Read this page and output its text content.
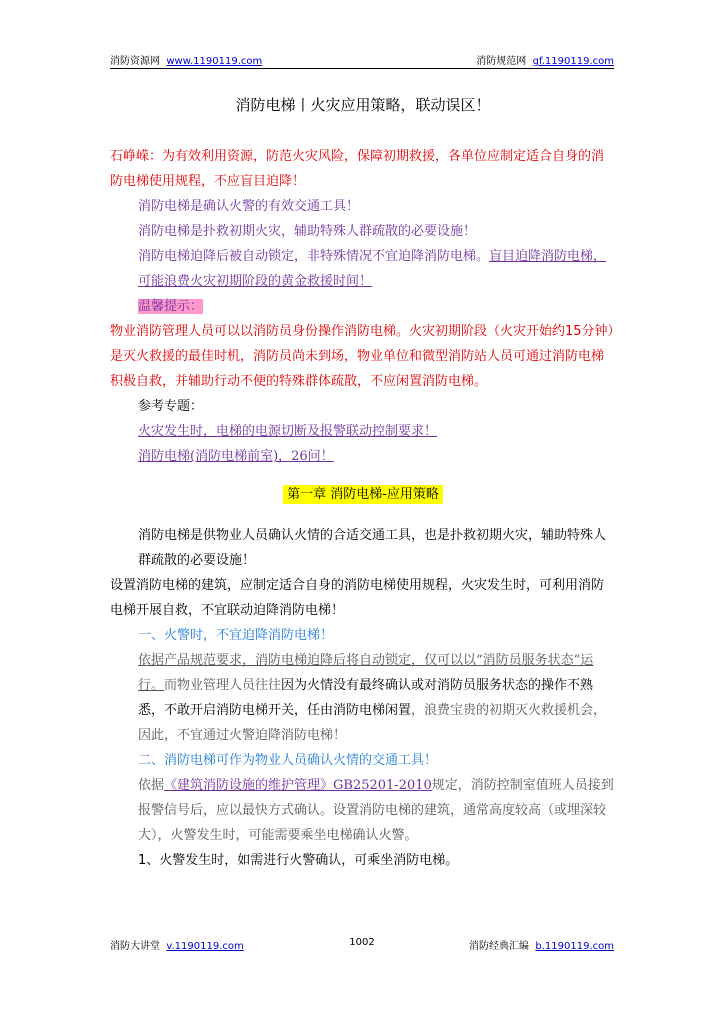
消防资源网 www.1190119.com	消防规范网 gf.1190119.com
消防电梯丨火灾应用策略，联动误区！

石峥嵘：为有效利用资源，防范火灾风险，保障初期救援，各单位应制定适合自身的消防电梯使用规程，不应盲目迫降！

消防电梯是确认火警的有效交通工具！

消防电梯是扑救初期火灾，辅助特殊人群疏散的必要设施！

消防电梯迫降后被自动锁定，非特殊情况不宜迫降消防电梯。盲目迫降消防电梯，可能浪费火灾初期阶段的黄金救援时间！

温馨提示：

物业消防管理人员可以以消防员身份操作消防电梯。火灾初期阶段（火灾开始约15分钟）是灭火救援的最佳时机，消防员尚未到场，物业单位和微型消防站人员可通过消防电梯积极自救，并辅助行动不便的特殊群体疏散，不应闲置消防电梯。

参考专题：

火灾发生时，电梯的电源切断及报警联动控制要求！

消防电梯(消防电梯前室)，26问！

第一章 消防电梯-应用策略

消防电梯是供物业人员确认火情的合适交通工具，也是扑救初期火灾，辅助特殊人群疏散的必要设施！

设置消防电梯的建筑，应制定适合自身的消防电梯使用规程，火灾发生时，可利用消防电梯开展自救，不宜联动迫降消防电梯！

一、火警时，不宜迫降消防电梯！

依据产品规范要求，消防电梯迫降后将自动锁定，仅可以以“消防员服务状态”运行。而物业管理人员往往因为火情没有最终确认或对消防员服务状态的操作不熟悉，不敢开启消防电梯开关，任由消防电梯闲置，浪费宝贵的初期灭火救援机会，因此，不宜通过火警迫降消防电梯！

二、消防电梯可作为物业人员确认火情的交通工具！

依据《建筑消防设施的维护管理》GB25201-2010规定，消防控制室值班人员接到报警信号后，应以最快方式确认。设置消防电梯的建筑，通常高度较高（或埋深较大），火警发生时，可能需要乘坐电梯确认火警。

1、火警发生时，如需进行火警确认，可乘坐消防电梯。

消防大讲堂 v.1190119.com	1002	消防经典汇编 b.1190119.com
